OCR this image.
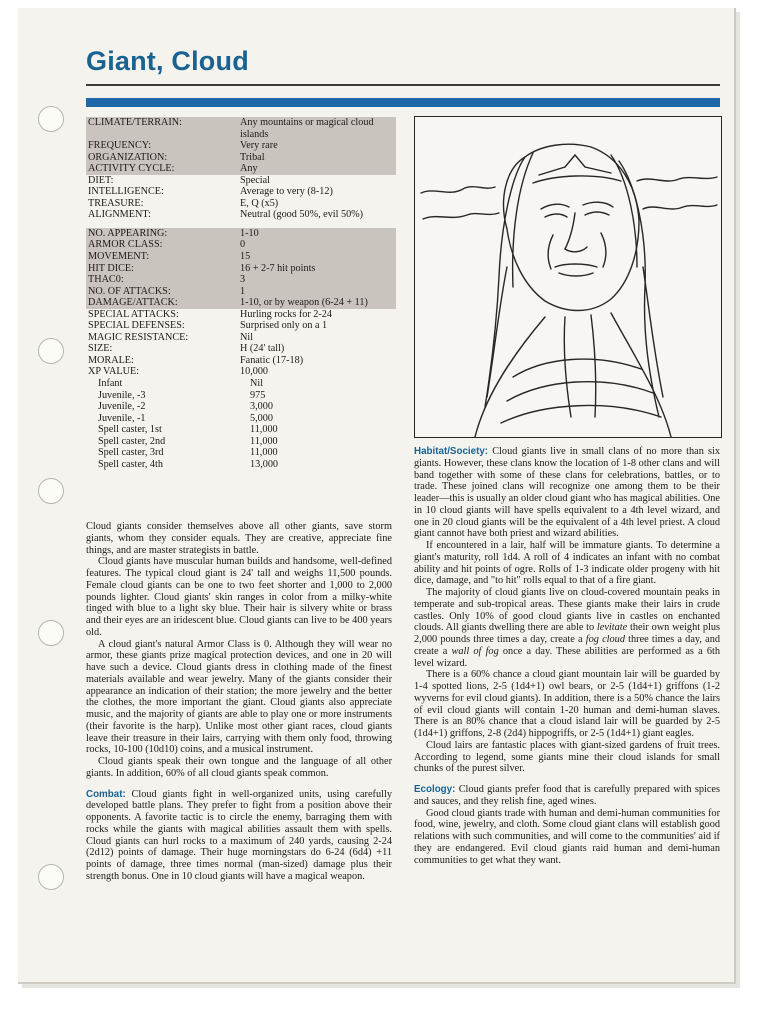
Giant, Cloud
CLIMATE/TERRAIN:	Any mountains or magical cloud islands
FREQUENCY:	Very rare
ORGANIZATION:	Tribal
ACTIVITY CYCLE:	Any
DIET:	Special
INTELLIGENCE:	Average to very (8-12)
TREASURE:	E, Q (x5)
ALIGNMENT:	Neutral (good 50%, evil 50%)
NO. APPEARING:	1-10
ARMOR CLASS:	0
MOVEMENT:	15
HIT DICE:	16 + 2-7 hit points
THAC0:	3
NO. OF ATTACKS:	1
DAMAGE/ATTACK:	1-10, or by weapon (6-24 + 11)
SPECIAL ATTACKS:	Hurling rocks for 2-24
SPECIAL DEFENSES:	Surprised only on a 1
MAGIC RESISTANCE:	Nil
SIZE:	H (24' tall)
MORALE:	Fanatic (17-18)
XP VALUE:	10,000
Infant	Nil
Juvenile, -3	975
Juvenile, -2	3,000
Juvenile, -1	5,000
Spell caster, 1st	11,000
Spell caster, 2nd	11,000
Spell caster, 3rd	11,000
Spell caster, 4th	13,000

Cloud giants consider themselves above all other giants, save storm giants, whom they consider equals. They are creative, appreciate fine things, and are master strategists in battle.

Cloud giants have muscular human builds and handsome, well-defined features. The typical cloud giant is 24' tall and weighs 11,500 pounds. Female cloud giants can be one to two feet shorter and 1,000 to 2,000 pounds lighter. Cloud giants' skin ranges in color from a milky-white tinged with blue to a light sky blue. Their hair is silvery white or brass and their eyes are an iridescent blue. Cloud giants can live to be 400 years old.

A cloud giant's natural Armor Class is 0. Although they will wear no armor, these giants prize magical protection devices, and one in 20 will have such a device. Cloud giants dress in clothing made of the finest materials available and wear jewelry. Many of the giants consider their appearance an indication of their station; the more jewelry and the better the clothes, the more important the giant. Cloud giants also appreciate music, and the majority of giants are able to play one or more instruments (their favorite is the harp). Unlike most other giant races, cloud giants leave their treasure in their lairs, carrying with them only food, throwing rocks, 10-100 (10d10) coins, and a musical instrument.

Cloud giants speak their own tongue and the language of all other giants. In addition, 60% of all cloud giants speak common.

Combat: Cloud giants fight in well-organized units, using carefully developed battle plans. They prefer to fight from a position above their opponents. A favorite tactic is to circle the enemy, barraging them with rocks while the giants with magical abilities assault them with spells. Cloud giants can hurl rocks to a maximum of 240 yards, causing 2-24 (2d12) points of damage. Their huge morningstars do 6-24 (6d4) +11 points of damage, three times normal (man-sized) damage plus their strength bonus. One in 10 cloud giants will have a magical weapon.

Habitat/Society: Cloud giants live in small clans of no more than six giants. However, these clans know the location of 1-8 other clans and will band together with some of these clans for celebrations, battles, or to trade. These joined clans will recognize one among them to be their leader—this is usually an older cloud giant who has magical abilities. One in 10 cloud giants will have spells equivalent to a 4th level wizard, and one in 20 cloud giants will be the equivalent of a 4th level priest. A cloud giant cannot have both priest and wizard abilities.

If encountered in a lair, half will be immature giants. To determine a giant's maturity, roll 1d4. A roll of 4 indicates an infant with no combat ability and hit points of ogre. Rolls of 1-3 indicate older progeny with hit dice, damage, and "to hit" rolls equal to that of a fire giant.

The majority of cloud giants live on cloud-covered mountain peaks in temperate and sub-tropical areas. These giants make their lairs in crude castles. Only 10% of good cloud giants live in castles on enchanted clouds. All giants dwelling there are able to levitate their own weight plus 2,000 pounds three times a day, create a fog cloud three times a day, and create a wall of fog once a day. These abilities are performed as a 6th level wizard.

There is a 60% chance a cloud giant mountain lair will be guarded by 1-4 spotted lions, 2-5 (1d4+1) owl bears, or 2-5 (1d4+1) griffons (1-2 wyverns for evil cloud giants). In addition, there is a 50% chance the lairs of evil cloud giants will contain 1-20 human and demi-human slaves. There is an 80% chance that a cloud island lair will be guarded by 2-5 (1d4+1) griffons, 2-8 (2d4) hippogriffs, or 2-5 (1d4+1) giant eagles.

Cloud lairs are fantastic places with giant-sized gardens of fruit trees. According to legend, some giants mine their cloud islands for small chunks of the purest silver.

Ecology: Cloud giants prefer food that is carefully prepared with spices and sauces, and they relish fine, aged wines.

Good cloud giants trade with human and demi-human communities for food, wine, jewelry, and cloth. Some cloud giant clans will establish good relations with such communities, and will come to the communities' aid if they are endangered. Evil cloud giants raid human and demi-human communities to get what they want.
